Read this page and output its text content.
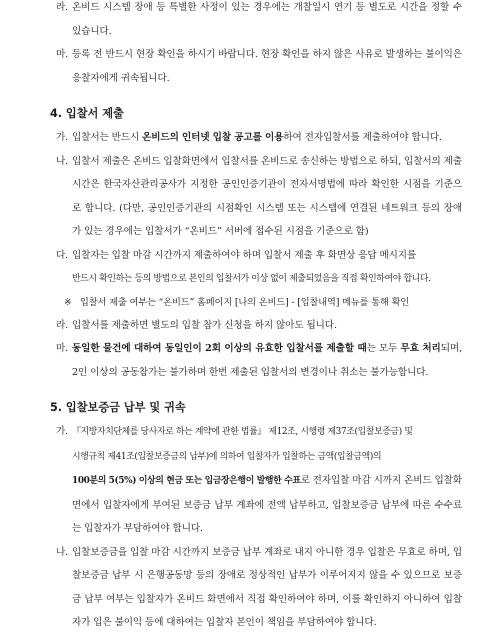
라. 온비드 시스템 장애 등 특별한 사정이 있는 경우에는 개찰일시 연기 등 별도로 시간을 정할 수 있습니다.
마. 등록 전 반드시 현장 확인을 하시기 바랍니다. 현장 확인을 하지 않은 사유로 발생하는 불이익은 응찰자에게 귀속됩니다.
4. 입찰서 제출
가. 입찰서는 반드시 온비드의 인터넷 입찰 공고를 이용하여 전자입찰서를 제출하여야 합니다.
나. 입찰서 제출은 온비드 입찰화면에서 입찰서를 온비드로 송신하는 방법으로 하되, 입찰서의 제출 시간은 한국자산관리공사가 지정한 공인인증기관이 전자서명법에 따라 확인한 시점을 기준으로 합니다. (다만, 공인인증기관의 시점확인 시스템 또는 시스템에 연결된 네트워크 등의 장애가 있는 경우에는 입찰서가 “온비드” 서버에 접수된 시점을 기준으로 함)
다. 입찰자는 입찰 마감 시간까지 제출하여야 하며 입찰서 제출 후 화면상 응답 메시지를
반드시 확인하는 등의 방법으로 본인의 입찰서가 이상 없이 제출되었음을 직접 확인하여야 합니다.
※ 입찰서 제출 여부는 “온비드” 홈페이지 [나의 온비드] - [입찰내역] 메뉴를 통해 확인
라. 입찰서를 제출하면 별도의 입찰 참가 신청을 하지 않아도 됩니다.
마. 동일한 물건에 대하여 동일인이 2회 이상의 유효한 입찰서를 제출할 때는 모두 무효 처리되며, 2인 이상의 공동참가는 불가하며 한번 제출된 입찰서의 변경이나 취소는 불가능합니다.
5. 입찰보증금 납부 및 귀속
가. 『지방자치단체를 당사자로 하는 계약에 관한 법률』 제12조, 시행령 제37조(입찰보증금) 및
시행규칙 제41조(입찰보증금의 납부)에 의하여 입찰자가 입찰하는 금액(입찰금액)의
100분의 5(5%) 이상의 현금 또는 입금장은행이 발행한 수표로 전자입찰 마감 시까지 온비드 입찰화면에서 입찰자에게 부여된 보증금 납부 계좌에 전액 납부하고, 입찰보증금 납부에 따른 수수료는 입찰자가 부담하여야 합니다.
나. 입찰보증금을 입찰 마감 시간까지 보증금 납부 계좌로 내지 아니한 경우 입찰은 무효로 하며, 입찰보증금 납부 시 은행공동망 등의 장애로 정상적인 납부가 이루어지지 않을 수 있으므로 보증금 납부 여부는 입찰자가 온비드 화면에서 직접 확인하여야 하며, 이를 확인하지 아니하여 입찰자가 입은 불이익 등에 대하여는 입찰자 본인이 책임을 부담하여야 합니다.
